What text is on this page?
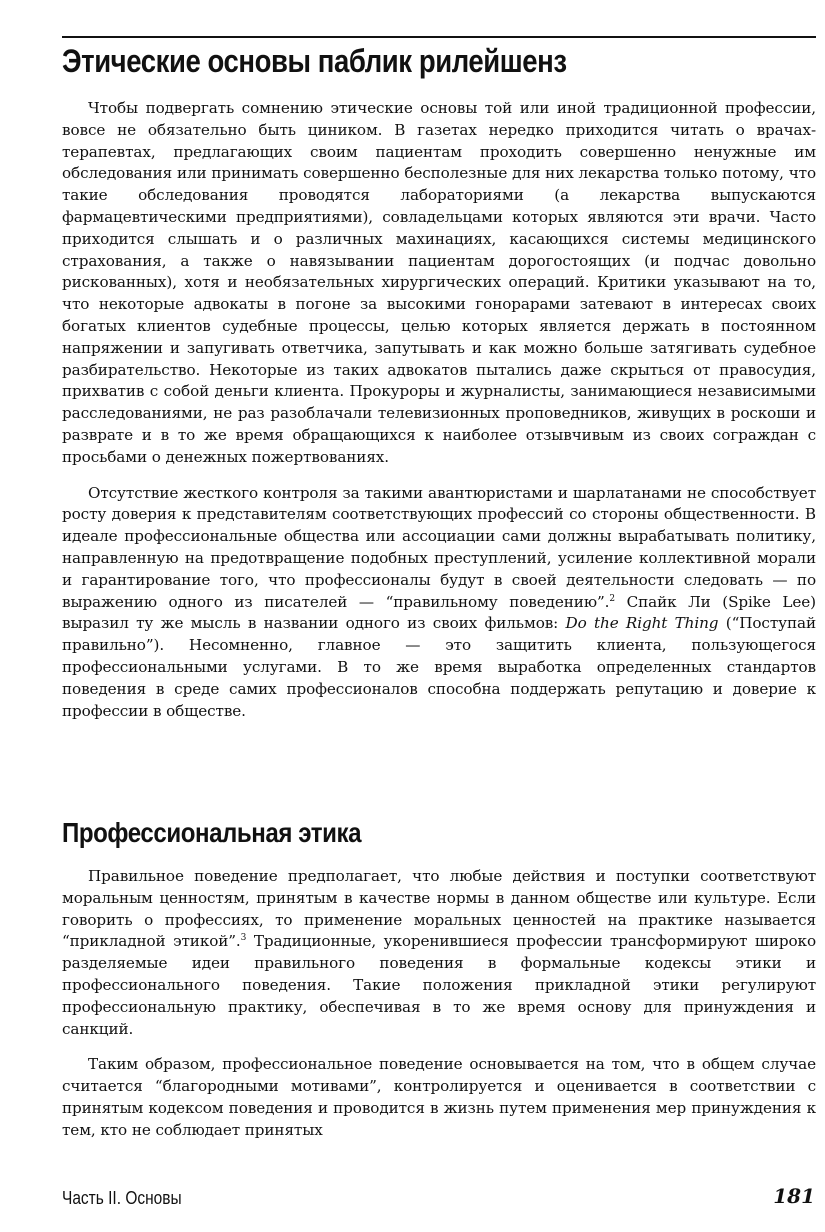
Этические основы паблик рилейшенз

Чтобы подвергать сомнению этические основы той или иной традиционной профессии, вовсе не обязательно быть циником. В газетах нередко приходится читать о врачах-терапевтах, предлагающих своим пациентам проходить совершенно ненужные им обследования или принимать совершенно бесполезные для них лекарства только потому, что такие обследования проводятся лабораториями (а лекарства выпускаются фармацевтическими предприятиями), совладельцами которых являются эти врачи. Часто приходится слышать и о различных махинациях, касающихся системы медицинского страхования, а также о навязывании пациентам дорогостоящих (и подчас довольно рискованных), хотя и необязательных хирургических операций. Критики указывают на то, что некоторые адвокаты в погоне за высокими гонорарами затевают в интересах своих богатых клиентов судебные процессы, целью которых является держать в постоянном напряжении и запугивать ответчика, запутывать и как можно больше затягивать судебное разбирательство. Некоторые из таких адвокатов пытались даже скрыться от правосудия, прихватив с собой деньги клиента. Прокуроры и журналисты, занимающиеся независимыми расследованиями, не раз разоблачали телевизионных проповедников, живущих в роскоши и разврате и в то же время обращающихся к наиболее отзывчивым из своих сограждан с просьбами о денежных пожертвованиях.

Отсутствие жесткого контроля за такими авантюристами и шарлатанами не способствует росту доверия к представителям соответствующих профессий со стороны общественности. В идеале профессиональные общества или ассоциации сами должны вырабатывать политику, направленную на предотвращение подобных преступлений, усиление коллективной морали и гарантирование того, что профессионалы будут в своей деятельности следовать — по выражению одного из писателей — “правильному поведению”.$^2$ Спайк Ли (Spike Lee) выразил ту же мысль в названии одного из своих фильмов: Do the Right Thing (“Поступай правильно”). Несомненно, главное — это защитить клиента, пользующегося профессиональными услугами. В то же время выработка определенных стандартов поведения в среде самих профессионалов способна поддержать репутацию и доверие к профессии в обществе.

Профессиональная этика

Правильное поведение предполагает, что любые действия и поступки соответствуют моральным ценностям, принятым в качестве нормы в данном обществе или культуре. Если говорить о профессиях, то применение моральных ценностей на практике называется “прикладной этикой”.$^3$ Традиционные, укоренившиеся профессии трансформируют широко разделяемые идеи правильного поведения в формальные кодексы этики и профессионального поведения. Такие положения прикладной этики регулируют профессиональную практику, обеспечивая в то же время основу для принуждения и санкций.

Таким образом, профессиональное поведение основывается на том, что в общем случае считается “благородными мотивами”, контролируется и оценивается в соответствии с принятым кодексом поведения и проводится в жизнь путем применения мер принуждения к тем, кто не соблюдает принятых

Часть II. Основы	181
